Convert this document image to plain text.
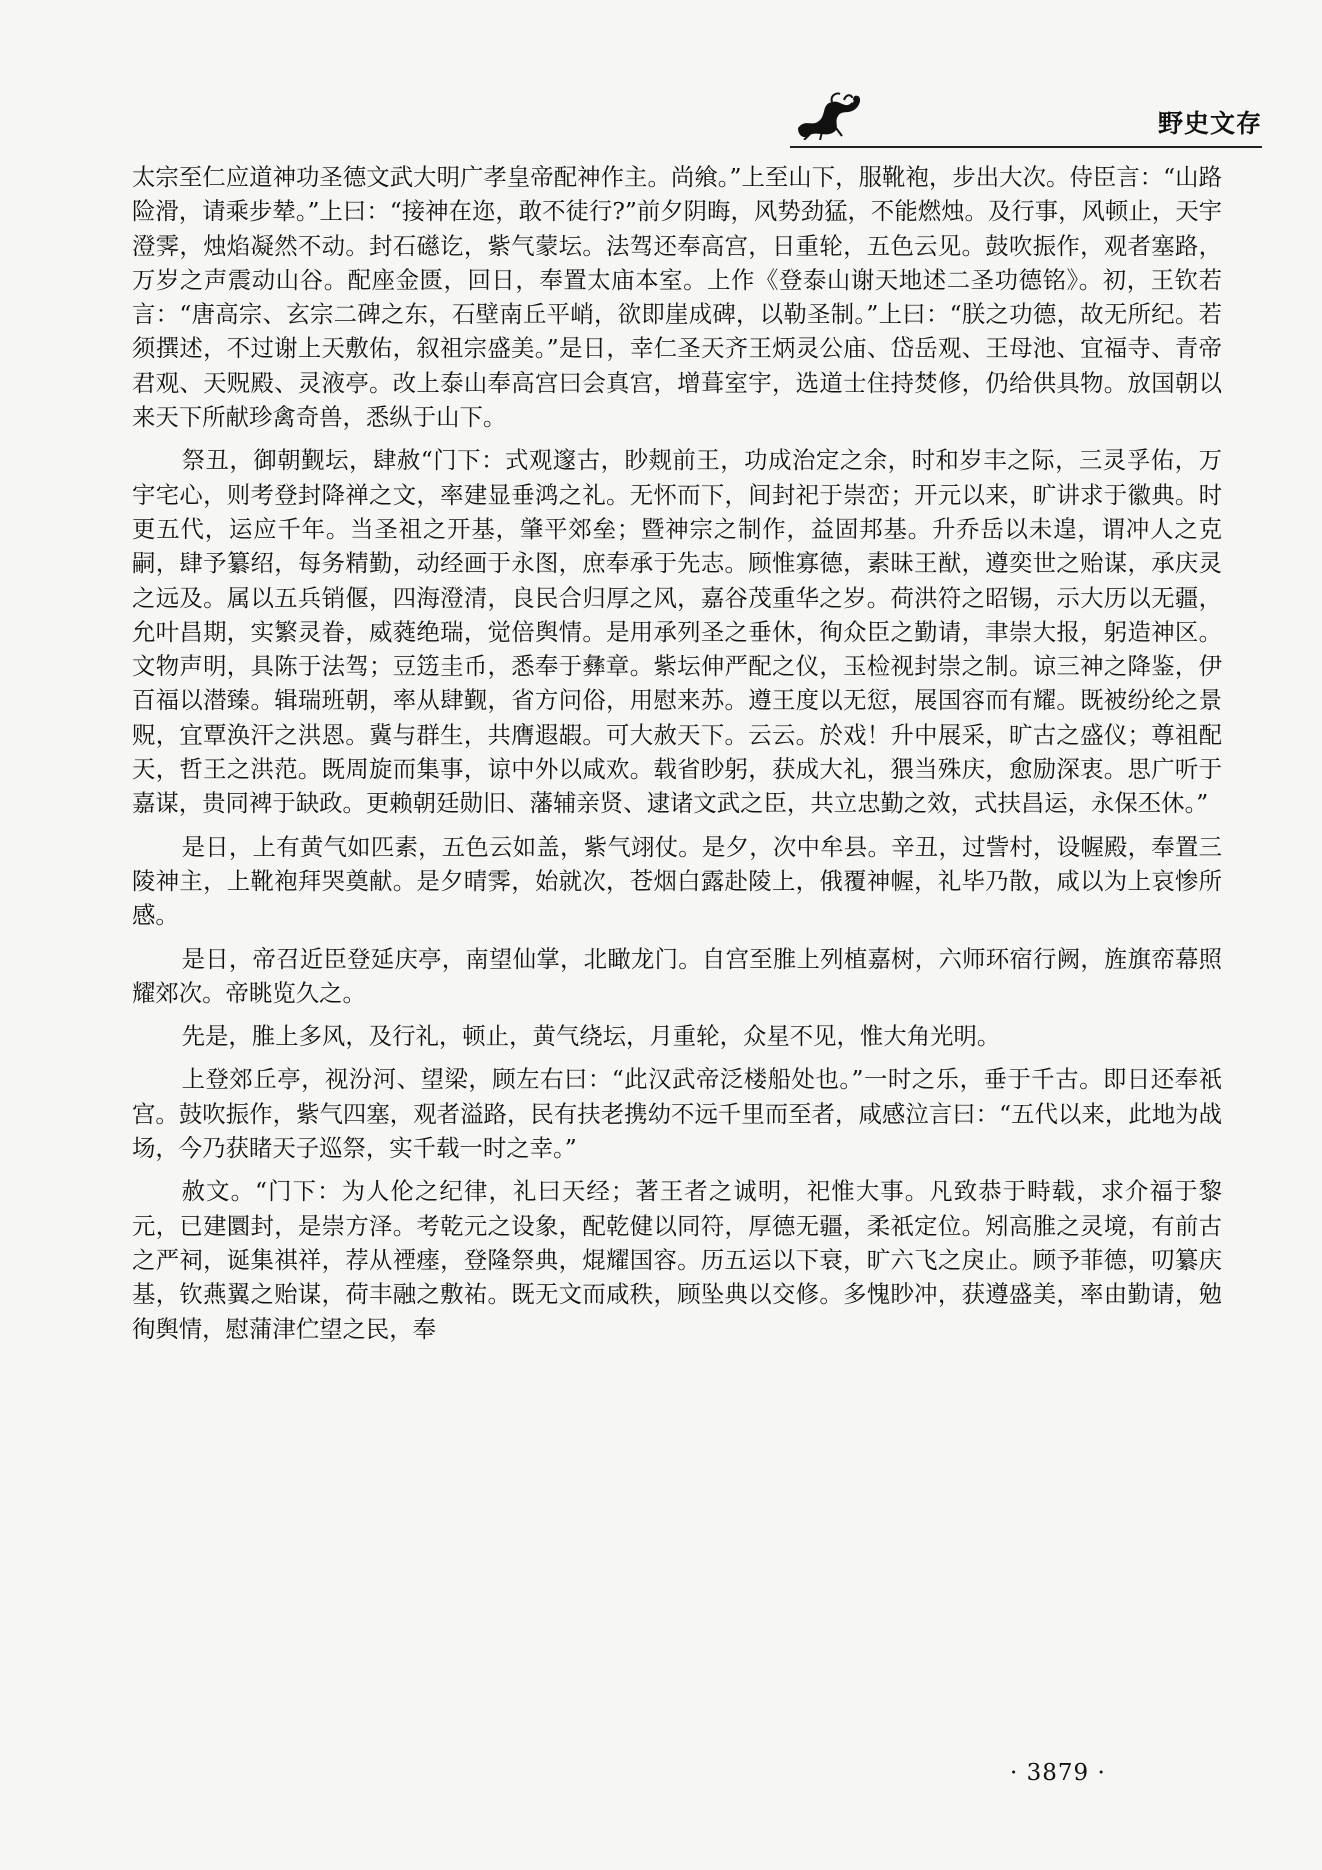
野史文存

太宗至仁应道神功圣德文武大明广孝皇帝配神作主。尚飨。”上至山下，服靴袍，步出大次。侍臣言：“山路险滑，请乘步辇。”上曰：“接神在迩，敢不徒行?”前夕阴晦，风势劲猛，不能燃烛。及行事，风顿止，天宇澄霁，烛焰凝然不动。封石礠讫，紫气蒙坛。法驾还奉高宫，日重轮，五色云见。鼓吹振作，观者塞路，万岁之声震动山谷。配座金匮，回日，奉置太庙本室。上作《登泰山谢天地述二圣功德铭》。初，王钦若言：“唐高宗、玄宗二碑之东，石壁南丘平峭，欲即崖成碑，以勒圣制。”上曰：“朕之功德，故无所纪。若须撰述，不过谢上天敷佑，叙祖宗盛美。”是日，幸仁圣天齐王炳灵公庙、岱岳观、王母池、宜福寺、青帝君观、天贶殿、灵液亭。改上泰山奉高宫曰会真宫，增葺室宇，选道士住持焚修，仍给供具物。放国朝以来天下所献珍禽奇兽，悉纵于山下。

祭丑，御朝觐坛，肆赦“门下：式观邃古，眇觌前王，功成治定之余，时和岁丰之际，三灵孚佑，万宇宅心，则考登封降禅之文，率建显垂鸿之礼。无怀而下，间封祀于崇峦；开元以来，旷讲求于徽典。时更五代，运应千年。当圣祖之开基，肇平郊垒；暨神宗之制作，益固邦基。升乔岳以未遑，谓冲人之克嗣，肆予纂绍，每务精勤，动经画于永图，庶奉承于先志。顾惟寡德，素昧王猷，遵奕世之贻谋，承庆灵之远及。属以五兵销偃，四海澄清，良民合归厚之风，嘉谷茂重华之岁。荷洪符之昭锡，示大历以无疆，允叶昌期，实繁灵眷，威蕤绝瑞，觉倍舆情。是用承列圣之垂休，徇众臣之勤请，聿崇大报，躬造神区。文物声明，具陈于法驾；豆笾圭币，悉奉于彝章。紫坛伸严配之仪，玉检视封崇之制。谅三神之降鉴，伊百福以潜臻。辑瑞班朝，率从肆觐，省方问俗，用慰来苏。遵王度以无愆，展国容而有耀。既被纷纶之景贶，宜覃涣汗之洪恩。冀与群生，共膺遐嘏。可大赦天下。云云。於戏！升中展采，旷古之盛仪；尊祖配天，哲王之洪范。既周旋而集事，谅中外以咸欢。载省眇躬，获成大礼，猥当殊庆，愈励深衷。思广听于嘉谋，贵同裨于缺政。更赖朝廷勋旧、藩辅亲贤、逮诸文武之臣，共立忠勤之效，式扶昌运，永保丕休。”

是日，上有黄气如匹素，五色云如盖，紫气翊仗。是夕，次中牟县。辛丑，过訾村，设幄殿，奉置三陵神主，上靴袍拜哭奠献。是夕晴霁，始就次，苍烟白露赴陵上，俄覆神幄，礼毕乃散，咸以为上哀惨所感。

是日，帝召近臣登延庆亭，南望仙掌，北瞰龙门。自宫至脽上列植嘉树，六师环宿行阙，旌旗帟幕照耀郊次。帝眺览久之。

先是，脽上多风，及行礼，顿止，黄气绕坛，月重轮，众星不见，惟大角光明。

上登郊丘亭，视汾河、望梁，顾左右曰：“此汉武帝泛楼船处也。”一时之乐，垂于千古。即日还奉祇宫。鼓吹振作，紫气四塞，观者溢路，民有扶老携幼不远千里而至者，咸感泣言曰：“五代以来，此地为战场，今乃获睹天子巡祭，实千载一时之幸。”

赦文。“门下：为人伦之纪律，礼曰天经；著王者之诚明，祀惟大事。凡致恭于畤载，求介福于黎元，已建圜封，是崇方泽。考乾元之设象，配乾健以同符，厚德无疆，柔祇定位。矧高脽之灵境，有前古之严祠，诞集祺祥，荐从禋瘗，登隆祭典，焜耀国容。历五运以下衰，旷六飞之戾止。顾予菲德，叨纂庆基，钦燕翼之贻谋，荷丰融之敷祐。既无文而咸秩，顾坠典以交修。多愧眇冲，获遵盛美，率由勤请，勉徇舆情，慰蒲津伫望之民，奉

· 3879 ·
